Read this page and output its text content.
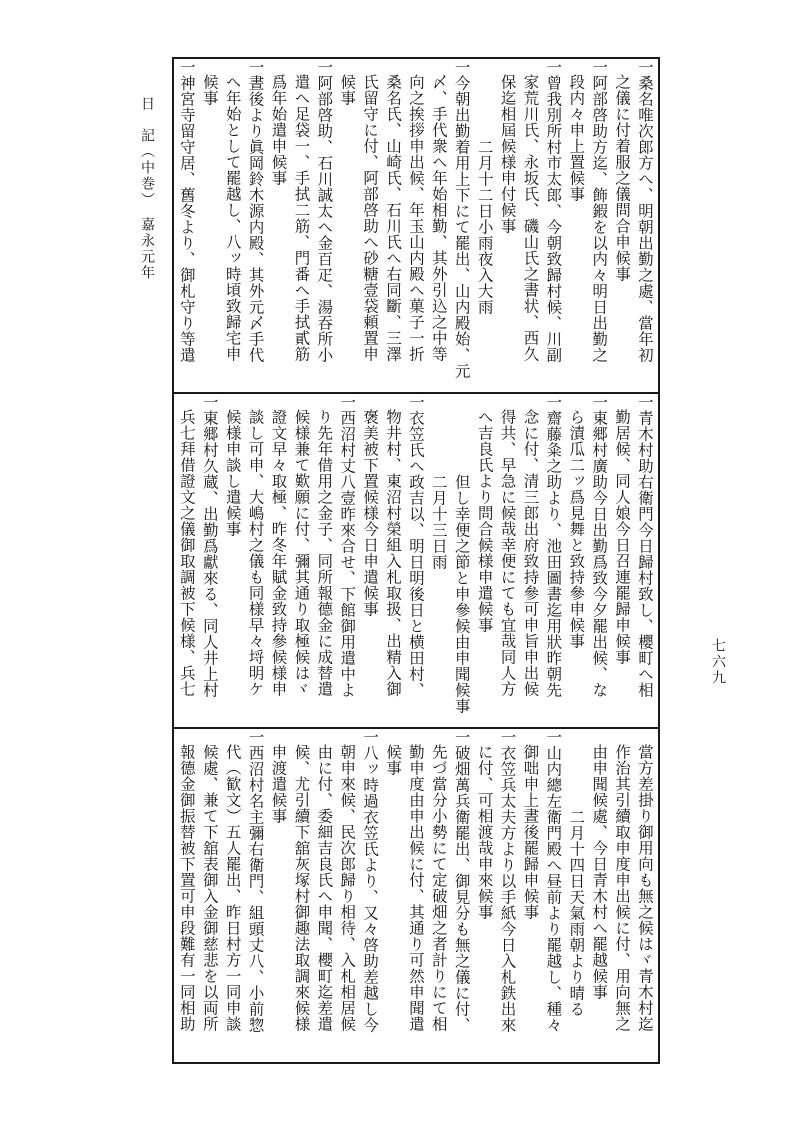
日　記（中巻）　嘉永元年
七六九
一桑名唯次郎方へ、明朝出勤之處、當年初
之儀に付着服之儀問合申候事
一阿部啓助方迄、飾鍜を以内々明日出勤之
段内々申上置候事
一曾我別所村市太郎、今朝致歸村候、川副
家荒川氏、永坂氏、磯山氏之書状、西久
保迄相屆候様申付候事
二月十二日小雨夜入大雨
一今朝出勤着用上下にて罷出、山内殿始、元
〆、手代衆へ年始相勤、其外引込之中等
向之挨拶申出候、年玉山内殿へ菓子一折
桑名氏、山崎氏、石川氏へ右同斷、三澤
氏留守に付、阿部啓助へ砂糖壹袋頼置申
候事
一阿部啓助、石川誠太へ金百疋、湯吞所小
遣へ足袋一、手拭二筋、門番へ手拭貳筋
爲年始遣申候事
一晝後より眞岡鈴木源内殿、其外元〆手代
へ年始として罷越し、八ッ時頃致歸宅申
候事
一神宮寺留守居、舊冬より、御札守り等遣
一青木村助右衛門今日歸村致し、櫻町へ相
勤居候、同人娘今日召連罷歸申候事
一東郷村廣助今日出勤爲致今夕罷出候、な
ら漬瓜二ッ爲見舞と致持參申候事
一齋藤粂之助より、池田圖書迄用狀昨朝先
念に付、清三郎出府致持參可申旨申出候
得共、早急に候哉幸便にても宜哉同人方
へ吉良氏より問合候様申遣候事
但し幸便之節と申參候由申聞候事
二月十三日雨
一衣笠氏へ政吉以、明日明後日と横田村、
物井村、東沼村榮組入札取扱、出精入御
褒美被下置候様今日申遣候事
一西沼村丈八壹昨來合せ、下館御用遣中よ
り先年借用之金子、同所報德金に成替遣
候様兼て歎願に付、彌其通り取極候はヾ
證文早々取極、昨冬年賦金致持參候様申
談し可申、大嶋村之儀も同様早々埒明ケ
候様申談し遣候事
一東郷村久蔵、出勤爲獻來る、同人井上村
兵七拜借證文之儀御取調被下候様、兵七
當方差掛り御用向も無之候はヾ青木村迄
作治其引續取申度申出候に付、用向無之
由申聞候處、今日青木村へ罷越候事
二月十四日天氣雨朝より晴る
一山内總左衛門殿へ昼前より罷越し、種々
御咄申上晝後罷歸申候事
一衣笠兵太夫方より以手紙今日入札鉄出來
に付、可相渡哉申來候事
一破畑萬兵衛罷出、御見分も無之儀に付、
先づ當分小勢にて定破畑之者計りにて相
勤申度由申出候に付、其通り可然申聞遣
候事
一八ッ時過衣笠氏より、又々啓助差越し今
朝申來候、民次郎歸り相待、入札相居候
由に付、委細吉良氏へ申聞、櫻町迄差遣
候、尤引續下舘灰塚村御趣法取調來候様
申渡遣候事
一西沼村名主彌右衛門、組頭丈八、小前惣
代（歓文）五人罷出、昨日村方一同申談
候處、兼て下舘表御入金御慈悲を以両所
報德金御振替被下置可申段難有一同相助
